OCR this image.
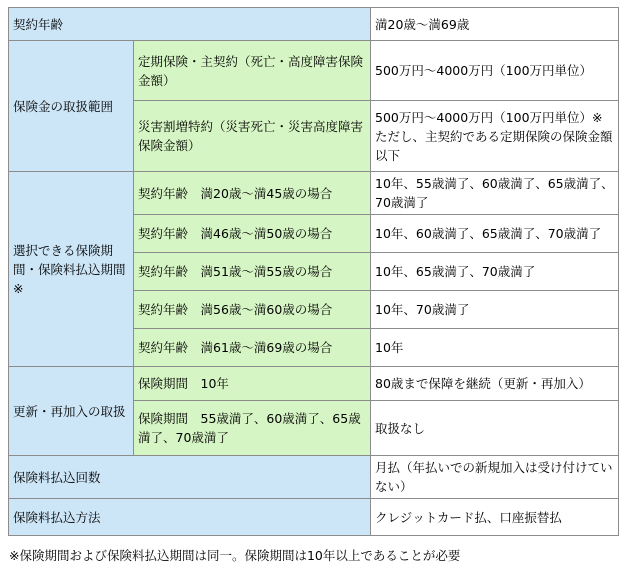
契約年齢		満20歳〜満69歳
保険金の取扱範囲	定期保険・主契約（死亡・高度障害保険金額）	500万円〜4000万円（100万円単位）
	災害割増特約（災害死亡・災害高度障害保険金額）	500万円〜4000万円（100万円単位）※ただし、主契約である定期保険の保険金額以下
選択できる保険期間・保険料払込期間※	契約年齢　満20歳〜満45歳の場合	10年、55歳満了、60歳満了、65歳満了、70歳満了
	契約年齢　満46歳〜満50歳の場合	10年、60歳満了、65歳満了、70歳満了
	契約年齢　満51歳〜満55歳の場合	10年、65歳満了、70歳満了
	契約年齢　満56歳〜満60歳の場合	10年、70歳満了
	契約年齢　満61歳〜満69歳の場合	10年
更新・再加入の取扱	保険期間　10年	80歳まで保障を継続（更新・再加入）
	保険期間　55歳満了、60歳満了、65歳満了、70歳満了	取扱なし
保険料払込回数		月払（年払いでの新規加入は受け付けていない）
保険料払込方法		クレジットカード払、口座振替払
※保険期間および保険料払込期間は同一。保険期間は10年以上であることが必要
